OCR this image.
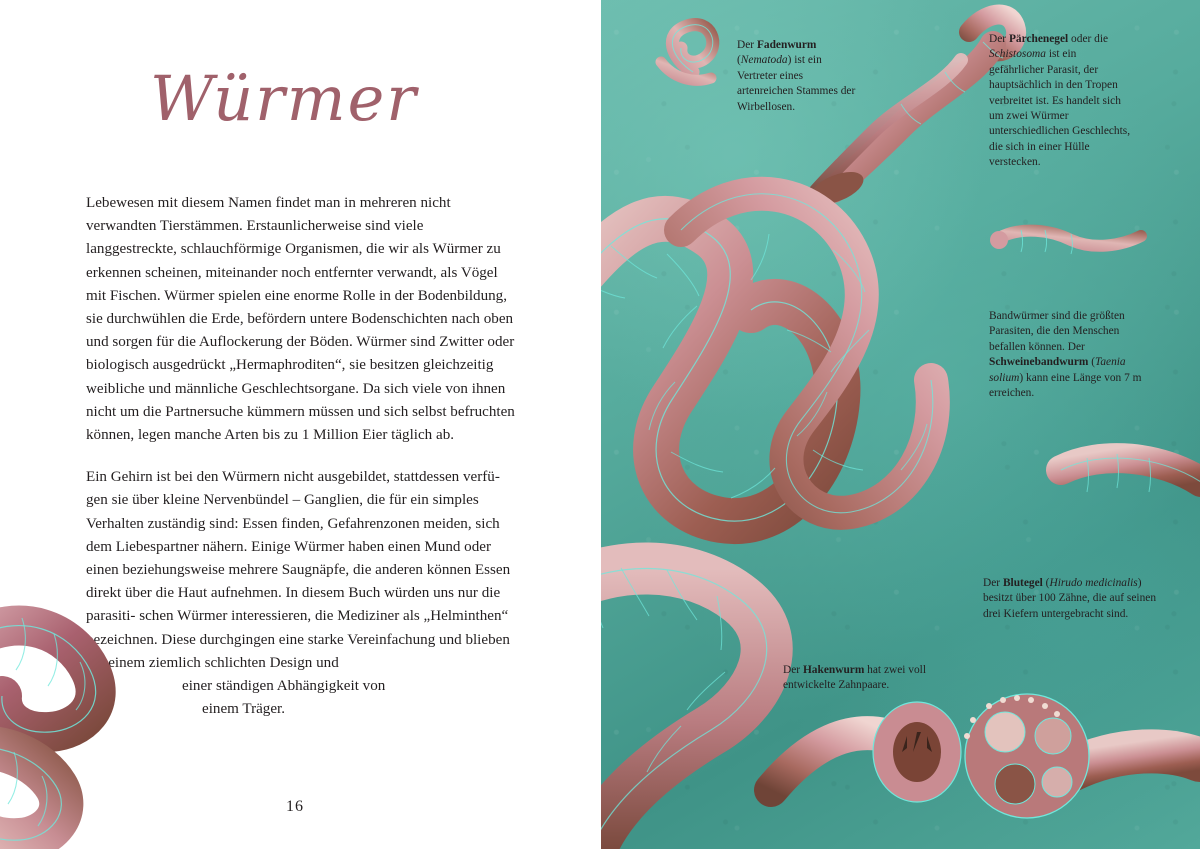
Würmer

Lebewesen mit diesem Namen findet man in mehreren nicht verwandten Tierstämmen. Erstaunlicherweise sind viele langgestreckte, schlauchförmige Organismen, die wir als Würmer zu erkennen scheinen, miteinander noch entfernter verwandt, als Vögel mit Fischen. Würmer spielen eine enorme Rolle in der Bodenbildung, sie durchwühlen die Erde, befördern untere Bodenschichten nach oben und sorgen für die Auflockerung der Böden. Würmer sind Zwitter oder biologisch ausgedrückt „Hermaphroditen“, sie besitzen gleichzeitig weibliche und männliche Geschlechtsorgane. Da sich viele von ihnen nicht um die Partnersuche kümmern müssen und sich selbst befruchten können, legen manche Arten bis zu 1 Million Eier täglich ab.

Ein Gehirn ist bei den Würmern nicht ausgebildet, stattdessen verfü- gen sie über kleine Nervenbündel – Ganglien, die für ein simples Verhalten zuständig sind: Essen finden, Gefahrenzonen meiden, sich dem Liebespartner nähern. Einige Würmer haben einen Mund oder einen beziehungsweise mehrere Saugnäpfe, die anderen können Essen direkt über die Haut aufnehmen. In diesem Buch würden uns nur die parasiti- schen Würmer interessieren, die Mediziner als „Helminthen“ bezeichnen. Diese durchgingen eine starke Vereinfachung und blieben bei einem ziemlich schlichten Design und
einer ständigen Abhängigkeit von
einem Träger.

16
Der Fadenwurm (Nematoda) ist ein Vertreter eines artenreichen Stammes der Wirbellosen.
Der Pärchenegel oder die Schistosoma ist ein gefährlicher Parasit, der hauptsächlich in den Tropen verbreitet ist. Es handelt sich um zwei Würmer unterschiedlichen Geschlechts, die sich in einer Hülle verstecken.
Bandwürmer sind die größten Parasiten, die den Menschen befallen können. Der Schweinebandwurm (Taenia solium) kann eine Länge von 7 m erreichen.
Der Blutegel (Hirudo medicinalis) besitzt über 100 Zähne, die auf seinen drei Kiefern untergebracht sind.
Der Hakenwurm hat zwei voll entwickelte Zahnpaare.
